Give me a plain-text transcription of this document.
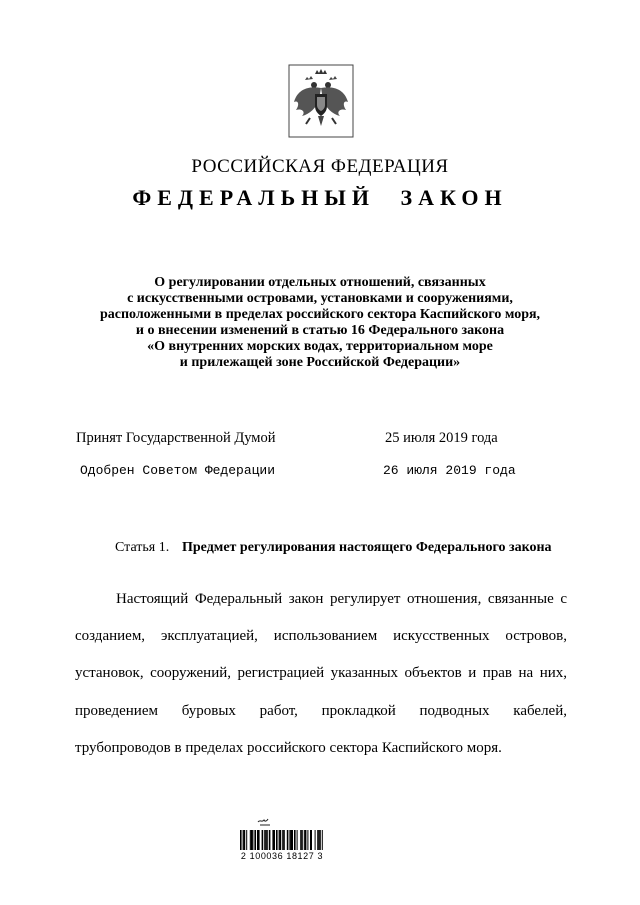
РОССИЙСКАЯ ФЕДЕРАЦИЯ
ФЕДЕРАЛЬНЫЙ ЗАКОН
О регулировании отдельных отношений, связанных
с искусственными островами, установками и сооружениями,
расположенными в пределах российского сектора Каспийского моря,
и о внесении изменений в статью 16 Федерального закона
«О внутренних морских водах, территориальном море
и прилежащей зоне Российской Федерации»
Принят Государственной Думой	25 июля 2019 года
Одобрен Советом Федерации	26 июля 2019 года
Статья 1. Предмет регулирования настоящего Федерального закона
Настоящий Федеральный закон регулирует отношения, связанные с
созданием, эксплуатацией, использованием искусственных островов,
установок, сооружений, регистрацией указанных объектов и прав на них,
проведением буровых работ, прокладкой подводных кабелей,
трубопроводов в пределах российского сектора Каспийского моря.
2 100036 18127 3
